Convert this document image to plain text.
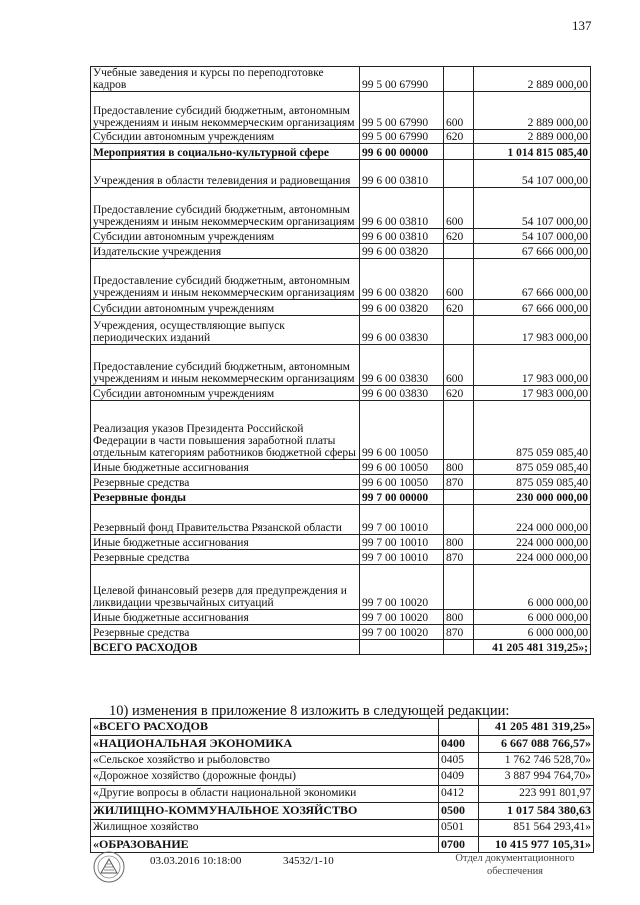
137
Учебные заведения и курсы по переподготовке кадров	99 5 00 67990		2 889 000,00
Предоставление субсидий бюджетным, автономным учреждениям и иным некоммерческим организациям	99 5 00 67990	600	2 889 000,00
Субсидии автономным учреждениям	99 5 00 67990	620	2 889 000,00
Мероприятия в социально-культурной сфере	99 6 00 00000		1 014 815 085,40
Учреждения в области телевидения и радиовещания	99 6 00 03810		54 107 000,00
Предоставление субсидий бюджетным, автономным учреждениям и иным некоммерческим организациям	99 6 00 03810	600	54 107 000,00
Субсидии автономным учреждениям	99 6 00 03810	620	54 107 000,00
Издательские учреждения	99 6 00 03820		67 666 000,00
Предоставление субсидий бюджетным, автономным учреждениям и иным некоммерческим организациям	99 6 00 03820	600	67 666 000,00
Субсидии автономным учреждениям	99 6 00 03820	620	67 666 000,00
Учреждения, осуществляющие выпуск периодических изданий	99 6 00 03830		17 983 000,00
Предоставление субсидий бюджетным, автономным учреждениям и иным некоммерческим организациям	99 6 00 03830	600	17 983 000,00
Субсидии автономным учреждениям	99 6 00 03830	620	17 983 000,00
Реализация указов Президента Российской Федерации в части повышения заработной платы отдельным категориям работников бюджетной сферы	99 6 00 10050		875 059 085,40
Иные бюджетные ассигнования	99 6 00 10050	800	875 059 085,40
Резервные средства	99 6 00 10050	870	875 059 085,40
Резервные фонды	99 7 00 00000		230 000 000,00
Резервный фонд Правительства Рязанской области	99 7 00 10010		224 000 000,00
Иные бюджетные ассигнования	99 7 00 10010	800	224 000 000,00
Резервные средства	99 7 00 10010	870	224 000 000,00
Целевой финансовый резерв для предупреждения и ликвидации чрезвычайных ситуаций	99 7 00 10020		6 000 000,00
Иные бюджетные ассигнования	99 7 00 10020	800	6 000 000,00
Резервные средства	99 7 00 10020	870	6 000 000,00
ВСЕГО РАСХОДОВ			41 205 481 319,25»;
10) изменения в приложение 8 изложить в следующей редакции:
«ВСЕГО РАСХОДОВ		41 205 481 319,25»
«НАЦИОНАЛЬНАЯ ЭКОНОМИКА	0400	6 667 088 766,57»
«Сельское хозяйство и рыболовство	0405	1 762 746 528,70»
«Дорожное хозяйство (дорожные фонды)	0409	3 887 994 764,70»
«Другие вопросы в области национальной экономики	0412	223 991 801,97
ЖИЛИЩНО-КОММУНАЛЬНОЕ ХОЗЯЙСТВО	0500	1 017 584 380,63
Жилищное хозяйство	0501	851 564 293,41»
«ОБРАЗОВАНИЕ	0700	10 415 977 105,31»
03.03.2016 10:18:00	34532/1-10	Отдел документационного
обеспечения
